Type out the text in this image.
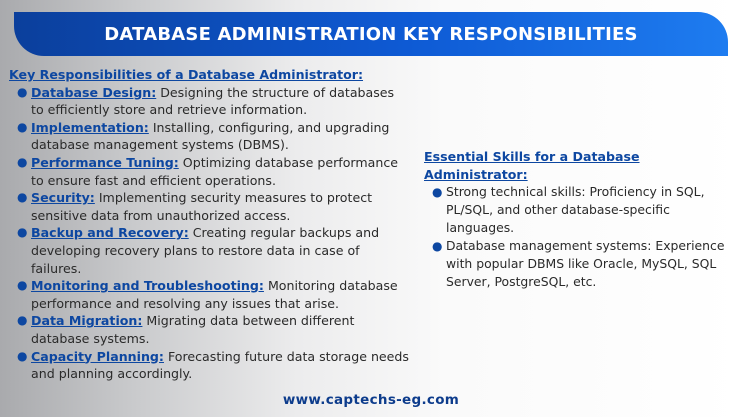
DATABASE ADMINISTRATION KEY RESPONSIBILITIES

Key Responsibilities of a Database Administrator:

● Database Design: Designing the structure of databases to efficiently store and retrieve information.
● Implementation: Installing, configuring, and upgrading database management systems (DBMS).
● Performance Tuning: Optimizing database performance to ensure fast and efficient operations.
● Security: Implementing security measures to protect sensitive data from unauthorized access.
● Backup and Recovery: Creating regular backups and developing recovery plans to restore data in case of failures.
● Monitoring and Troubleshooting: Monitoring database performance and resolving any issues that arise.
● Data Migration: Migrating data between different database systems.
● Capacity Planning: Forecasting future data storage needs and planning accordingly.

Essential Skills for a Database Administrator:

● Strong technical skills: Proficiency in SQL, PL/SQL, and other database-specific languages.
● Database management systems: Experience with popular DBMS like Oracle, MySQL, SQL Server, PostgreSQL, etc.
www.captechs-eg.com
